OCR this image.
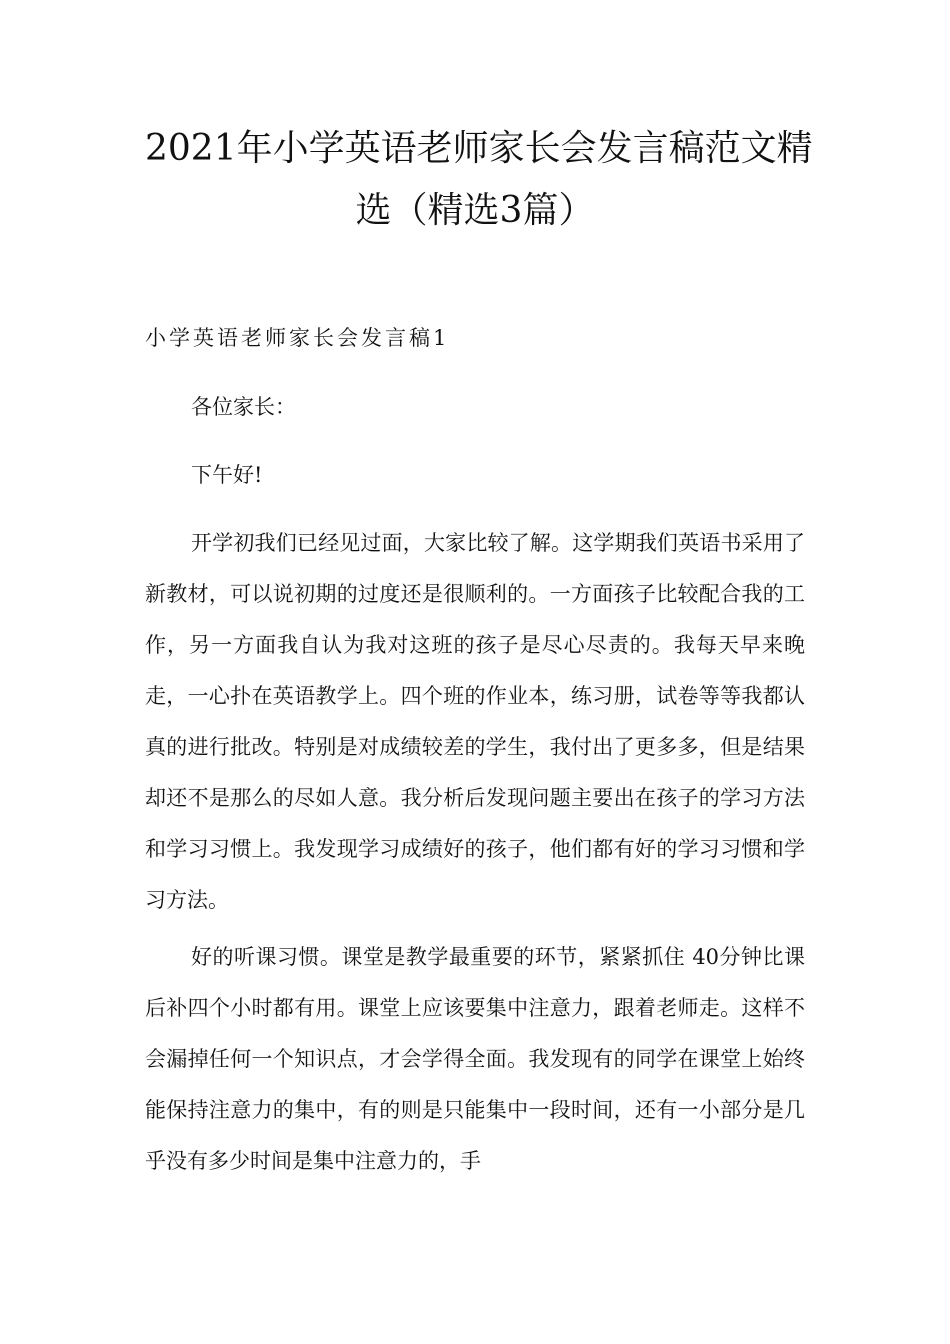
2021年小学英语老师家长会发言稿范文精
选（精选3篇）
小学英语老师家长会发言稿1

各位家长：

下午好!

开学初我们已经见过面，大家比较了解。这学期我们英语书采用了新教材，可以说初期的过度还是很顺利的。一方面孩子比较配合我的工作，另一方面我自认为我对这班的孩子是尽心尽责的。我每天早来晚走，一心扑在英语教学上。四个班的作业本，练习册，试卷等等我都认真的进行批改。特别是对成绩较差的学生，我付出了更多多，但是结果却还不是那么的尽如人意。我分析后发现问题主要出在孩子的学习方法和学习习惯上。我发现学习成绩好的孩子，他们都有好的学习习惯和学习方法。

好的听课习惯。课堂是教学最重要的环节，紧紧抓住 40分钟比课后补四个小时都有用。课堂上应该要集中注意力，跟着老师走。这样不会漏掉任何一个知识点，才会学得全面。我发现有的同学在课堂上始终能保持注意力的集中，有的则是只能集中一段时间，还有一小部分是几乎没有多少时间是集中注意力的，手
